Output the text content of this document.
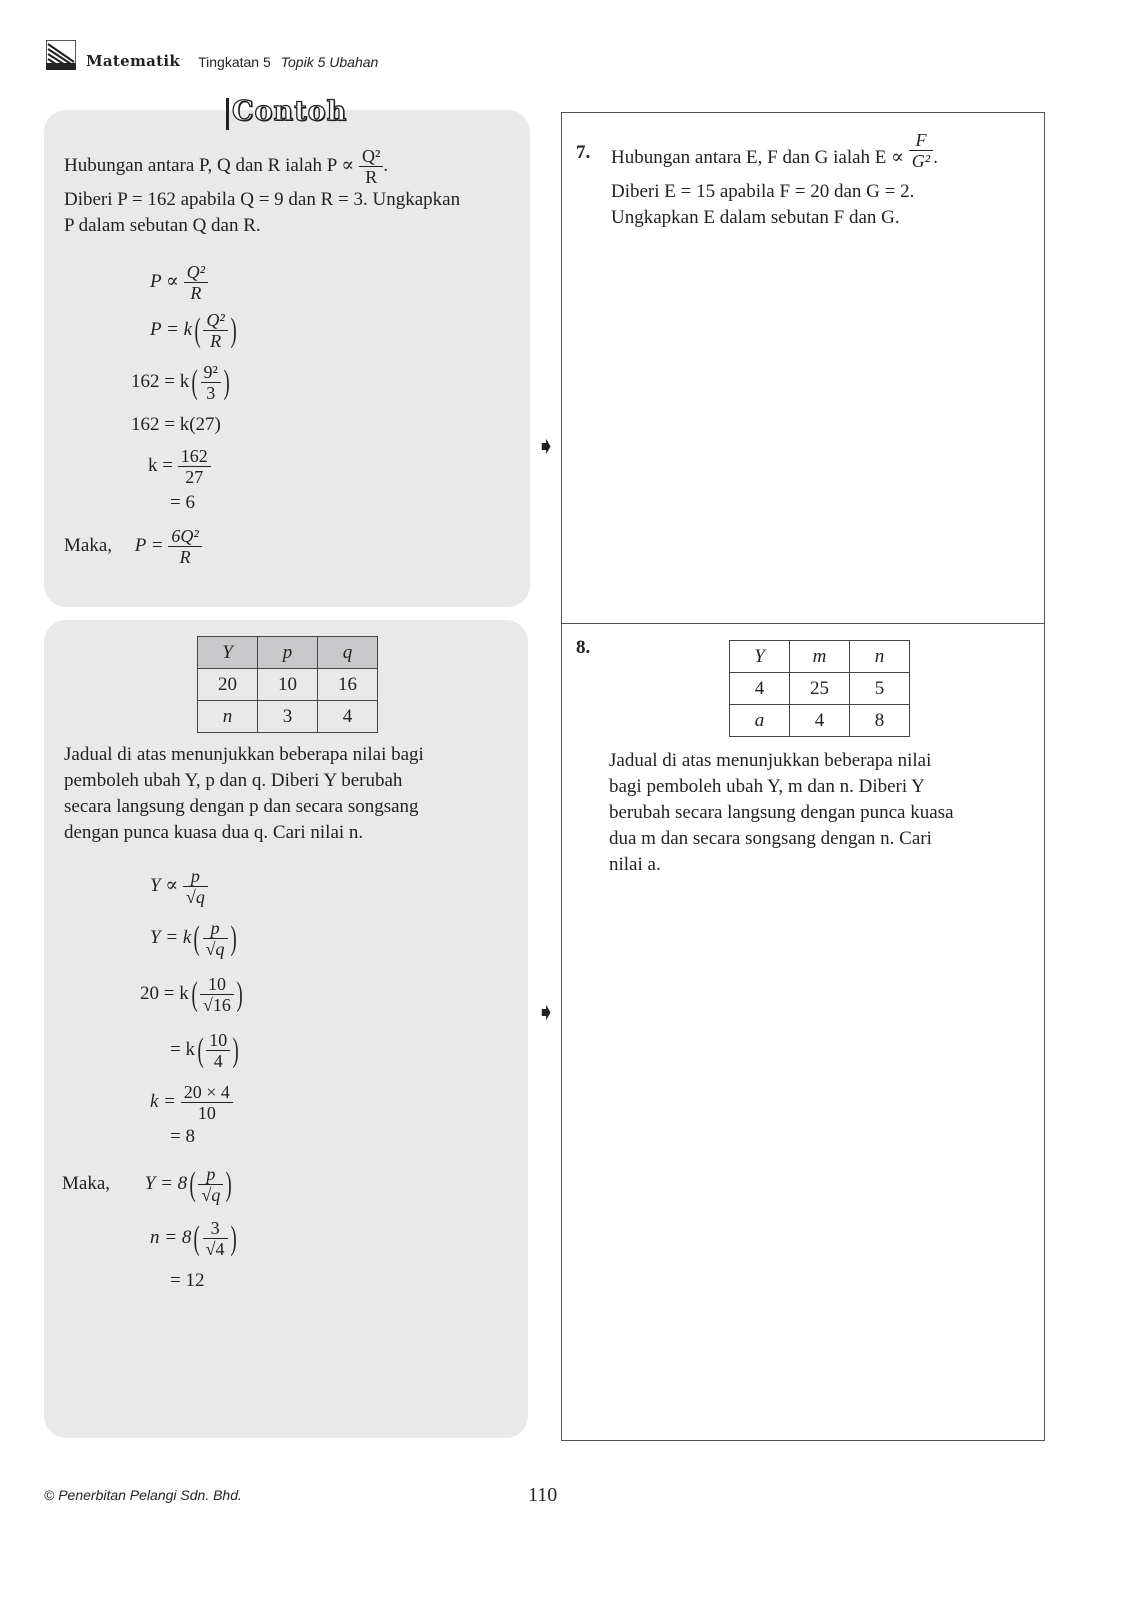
Matematik Tingkatan 5 Topik 5 Ubahan
Contoh
Hubungan antara P, Q dan R ialah $P \propto \frac{\text{Q²}}{R}$ .
Diberi P = 162 apabila Q = 9 dan R = 3. Ungkapkan
P dalam sebutan Q dan R.
$P \propto \frac{\text{Q²}}{R}$
$P = k( \frac{\text{Q²}}{R}$ )
$162 = k( \frac{\text{9²}}{3}$ )
162 = k(27)
$k = \frac{162}{27}$
= 6
Maka, $P = \frac{\text{6Q²}}{R}$
Y	p	q
20	10	16
n	3	4
Jadual di atas menunjukkan beberapa nilai bagi
pemboleh ubah Y, p dan q. Diberi Y berubah
secara langsung dengan p dan secara songsang
dengan punca kuasa dua q. Cari nilai n.
$Y \propto \frac{p}{√q}$
$Y = k( \frac{p}{√q}$ )
$20 = k( \frac{10}{√16}$ )
= $k( \frac{10}{4}$ )
$k = \frac{20 \times 4}{10}$
= 8
Maka, $Y = 8( \frac{p}{√q}$ )
$n = 8( \frac{3}{√4}$ )
= 12
➧
➧
7. Hubungan antara E, F dan G ialah $E \propto \frac{F}{\text{G²}}$ .
Diberi E = 15 apabila F = 20 dan G = 2.
Ungkapkan E dalam sebutan F dan G.
8.	Y	m	n
4	25	5
a	4	8
Jadual di atas menunjukkan beberapa nilai
bagi pemboleh ubah Y, m dan n. Diberi Y
berubah secara langsung dengan punca kuasa
dua m dan secara songsang dengan n. Cari
nilai a.
© Penerbitan Pelangi Sdn. Bhd.	110
